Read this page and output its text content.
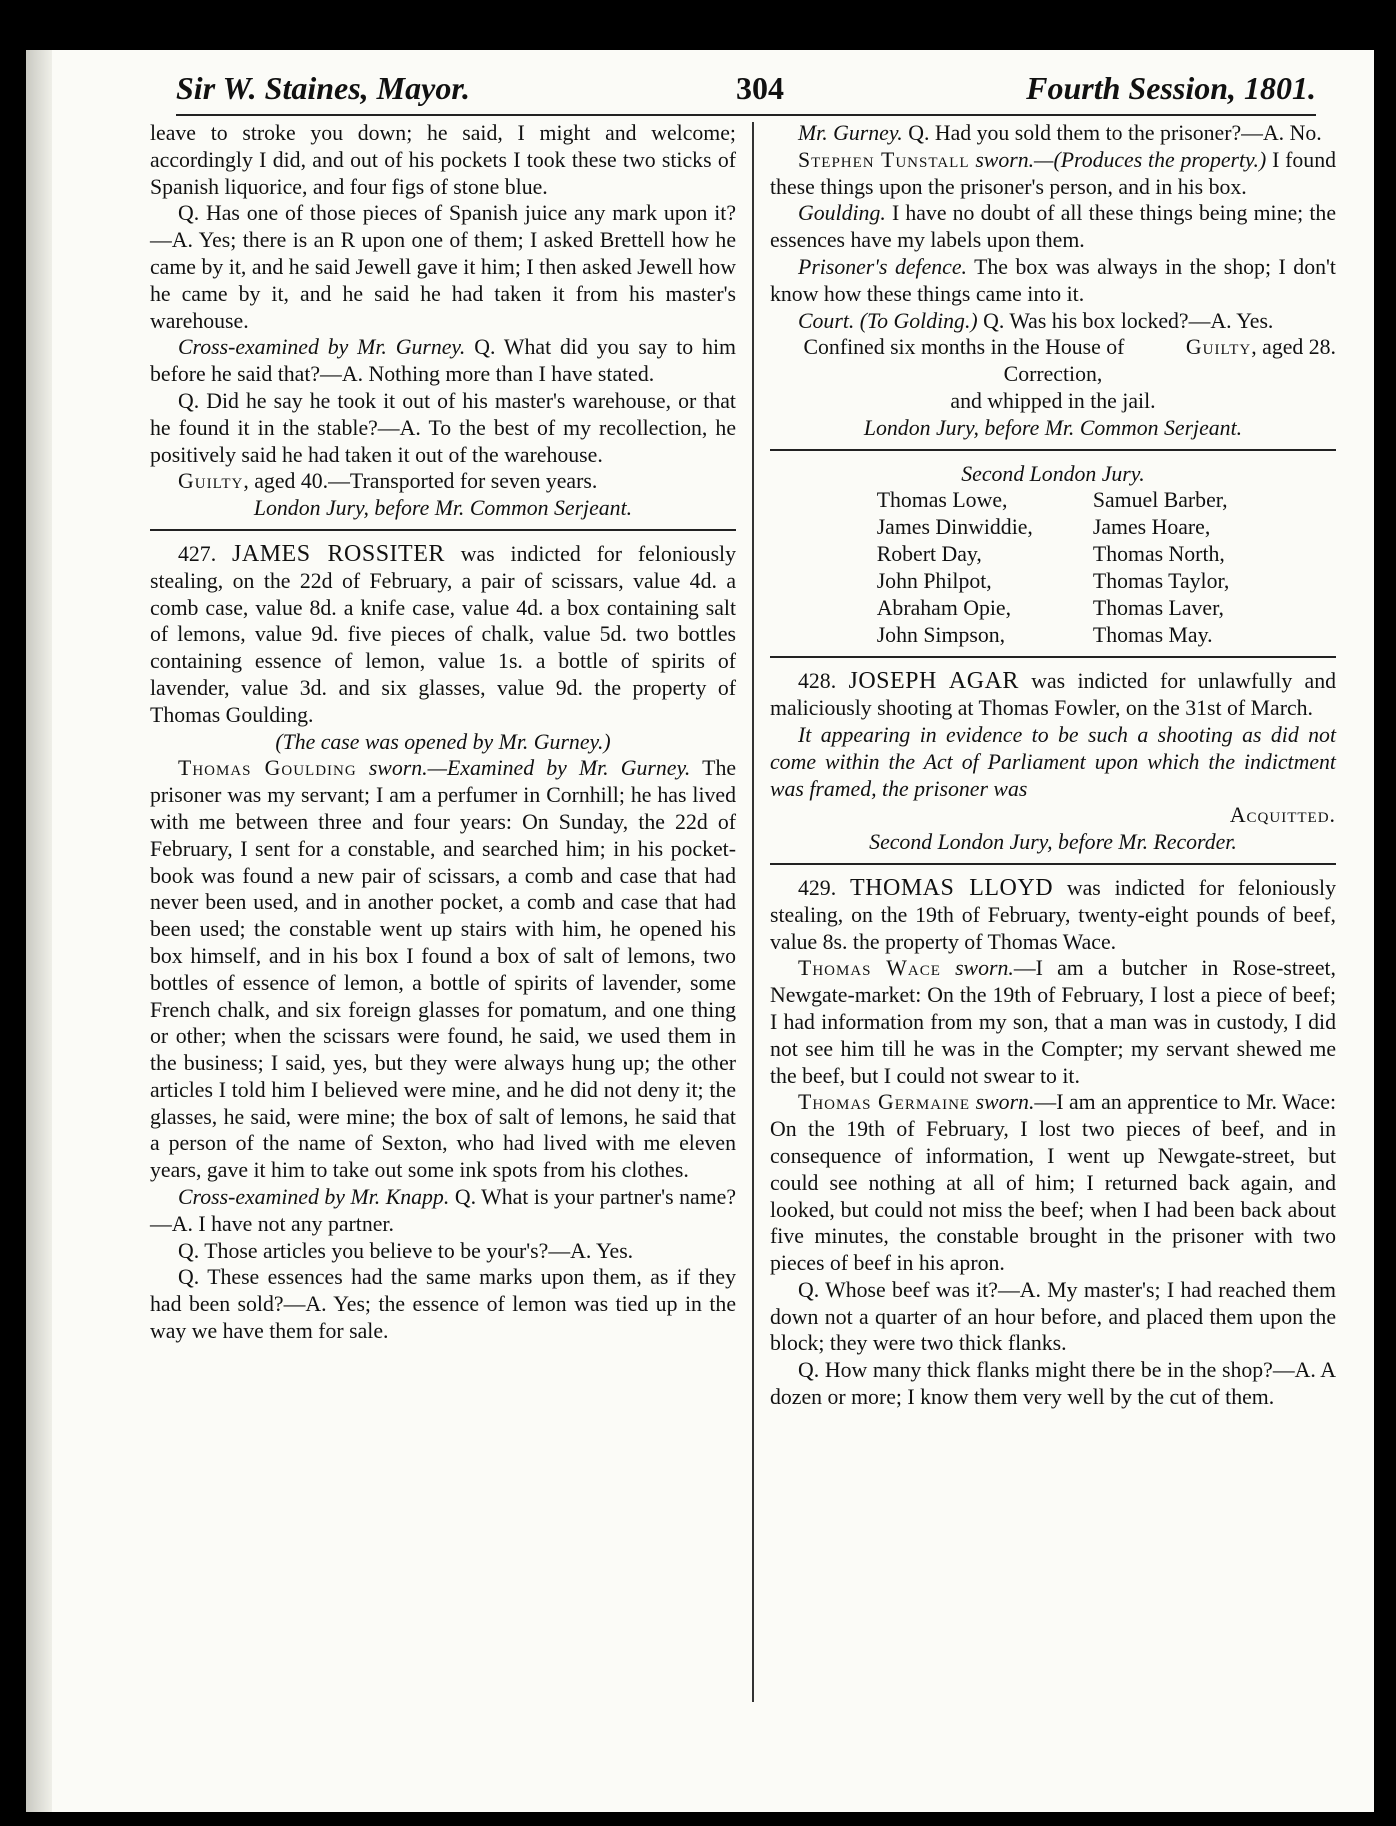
Sir W. Staines, Mayor.	304	Fourth Session, 1801.

leave to stroke you down; he said, I might and welcome; accordingly I did, and out of his pockets I took these two sticks of Spanish liquorice, and four figs of stone blue.

Q. Has one of those pieces of Spanish juice any mark upon it?—A. Yes; there is an R upon one of them; I asked Brettell how he came by it, and he said Jewell gave it him; I then asked Jewell how he came by it, and he said he had taken it from his master's warehouse.

Cross-examined by Mr. Gurney. Q. What did you say to him before he said that?—A. Nothing more than I have stated.

Q. Did he say he took it out of his master's warehouse, or that he found it in the stable?—A. To the best of my recollection, he positively said he had taken it out of the warehouse.

Guilty, aged 40.—Transported for seven years.

London Jury, before Mr. Common Serjeant.

427. JAMES ROSSITER was indicted for feloniously stealing, on the 22d of February, a pair of scissars, value 4d. a comb case, value 8d. a knife case, value 4d. a box containing salt of lemons, value 9d. five pieces of chalk, value 5d. two bottles containing essence of lemon, value 1s. a bottle of spirits of lavender, value 3d. and six glasses, value 9d. the property of Thomas Goulding.

(The case was opened by Mr. Gurney.)

Thomas Goulding sworn.—Examined by Mr. Gurney. The prisoner was my servant; I am a perfumer in Cornhill; he has lived with me between three and four years: On Sunday, the 22d of February, I sent for a constable, and searched him; in his pocket-book was found a new pair of scissars, a comb and case that had never been used, and in another pocket, a comb and case that had been used; the constable went up stairs with him, he opened his box himself, and in his box I found a box of salt of lemons, two bottles of essence of lemon, a bottle of spirits of lavender, some French chalk, and six foreign glasses for pomatum, and one thing or other; when the scissars were found, he said, we used them in the business; I said, yes, but they were always hung up; the other articles I told him I believed were mine, and he did not deny it; the glasses, he said, were mine; the box of salt of lemons, he said that a person of the name of Sexton, who had lived with me eleven years, gave it him to take out some ink spots from his clothes.

Cross-examined by Mr. Knapp. Q. What is your partner's name?—A. I have not any partner.

Q. Those articles you believe to be your's?—A. Yes.

Q. These essences had the same marks upon them, as if they had been sold?—A. Yes; the essence of lemon was tied up in the way we have them for sale.

Mr. Gurney. Q. Had you sold them to the prisoner?—A. No.

Stephen Tunstall sworn.—(Produces the property.) I found these things upon the prisoner's person, and in his box.

Goulding. I have no doubt of all these things being mine; the essences have my labels upon them.

Prisoner's defence. The box was always in the shop; I don't know how these things came into it.

Court. (To Golding.) Q. Was his box locked?—A. Yes.
Guilty, aged 28.

Confined six months in the House of Correction,

and whipped in the jail.

London Jury, before Mr. Common Serjeant.

Second London Jury.
Thomas Lowe,
James Dinwiddie,
Robert Day,
John Philpot,
Abraham Opie,
John Simpson,
Samuel Barber,
James Hoare,
Thomas North,
Thomas Taylor,
Thomas Laver,
Thomas May.

428. JOSEPH AGAR was indicted for unlawfully and maliciously shooting at Thomas Fowler, on the 31st of March.

It appearing in evidence to be such a shooting as did not come within the Act of Parliament upon which the indictment was framed, the prisoner was

Acquitted.

Second London Jury, before Mr. Recorder.

429. THOMAS LLOYD was indicted for feloniously stealing, on the 19th of February, twenty-eight pounds of beef, value 8s. the property of Thomas Wace.

Thomas Wace sworn.—I am a butcher in Rose-street, Newgate-market: On the 19th of February, I lost a piece of beef; I had information from my son, that a man was in custody, I did not see him till he was in the Compter; my servant shewed me the beef, but I could not swear to it.

Thomas Germaine sworn.—I am an apprentice to Mr. Wace: On the 19th of February, I lost two pieces of beef, and in consequence of information, I went up Newgate-street, but could see nothing at all of him; I returned back again, and looked, but could not miss the beef; when I had been back about five minutes, the constable brought in the prisoner with two pieces of beef in his apron.

Q. Whose beef was it?—A. My master's; I had reached them down not a quarter of an hour before, and placed them upon the block; they were two thick flanks.

Q. How many thick flanks might there be in the shop?—A. A dozen or more; I know them very well by the cut of them.
